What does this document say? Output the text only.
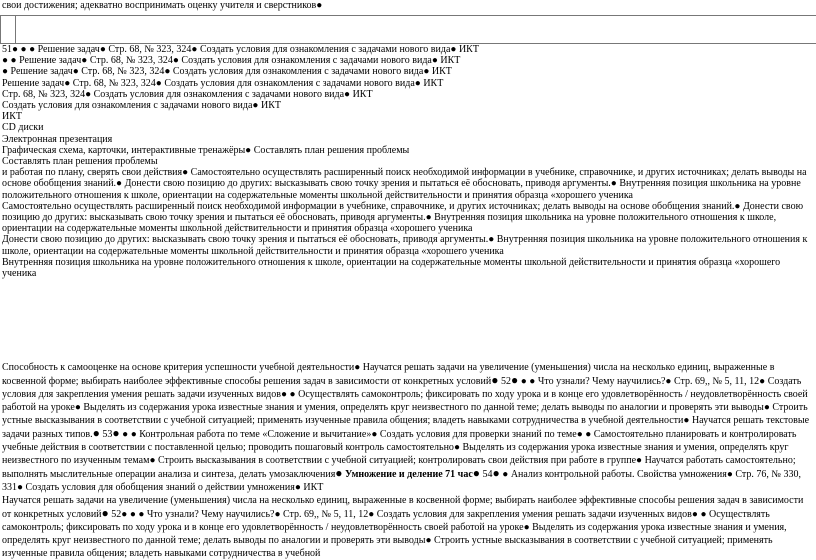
свои достижения; адекватно воспринимать оценку учителя и сверстников●
51● ● ● Решение задач● Стр. 68, № 323, 324● Создать условия для ознакомления с задачами нового вида● ИКТ
● ● Решение задач● Стр. 68, № 323, 324● Создать условия для ознакомления с задачами нового вида● ИКТ
● Решение задач● Стр. 68, № 323, 324● Создать условия для ознакомления с задачами нового вида● ИКТ
Решение задач● Стр. 68, № 323, 324● Создать условия для ознакомления с задачами нового вида● ИКТ
Стр. 68, № 323, 324● Создать условия для ознакомления с задачами нового вида● ИКТ
Создать условия для ознакомления с задачами нового вида● ИКТ
ИКТ
CD диски
Электронная презентация
Графическая схема, карточки, интерактивные тренажёры● Составлять план решения проблемы
Составлять план решения проблемы
и работая по плану, сверять свои действия● Самостоятельно осуществлять расширенный поиск необходимой информации в учебнике, справочнике, и других источниках; делать выводы на основе обобщения знаний.● Донести свою позицию до других: высказывать свою точку зрения и пытаться её обосновать, приводя аргументы.● Внутренняя позиция школьника на уровне положительного отношения к школе, ориентации на содержательные моменты школьной действительности и принятия образца «хорошего ученика
Самостоятельно осуществлять расширенный поиск необходимой информации в учебнике, справочнике, и других источниках; делать выводы на основе обобщения знаний.● Донести свою позицию до других: высказывать свою точку зрения и пытаться её обосновать, приводя аргументы.● Внутренняя позиция школьника на уровне положительного отношения к школе, ориентации на содержательные моменты школьной действительности и принятия образца «хорошего ученика
Донести свою позицию до других: высказывать свою точку зрения и пытаться её обосновать, приводя аргументы.● Внутренняя позиция школьника на уровне положительного отношения к школе, ориентации на содержательные моменты школьной действительности и принятия образца «хорошего ученика
Внутренняя позиция школьника на уровне положительного отношения к школе, ориентации на содержательные моменты школьной действительности и принятия образца «хорошего ученика
Способность к самооценке на основе критерия успешности учебной деятельности● Научатся решать задачи на увеличение (уменьшения) числа на несколько единиц, выраженные в косвенной форме; выбирать наиболее эффективные способы решения задач в зависимости от конкретных условий● 52● ● ● Что узнали? Чему научились?● Стр. 69,, № 5, 11, 12● Создать условия для закрепления умения решать задачи изученных видов● ● Осуществлять самоконтроль; фиксировать по ходу урока и в конце его удовлетворённость / неудовлетворённость своей работой на уроке● Выделять из содержания урока известные знания и умения, определять круг неизвестного по данной теме; делать выводы по аналогии и проверять эти выводы● Строить устные высказывания в соответствии с учебной ситуацией; применять изученные правила общения; владеть навыками сотрудничества в учебной деятельности● Научатся решать текстовые задачи разных типов.● 53● ● ● Контрольная работа по теме «Сложение и вычитание»● Создать условия для проверки знаний по теме● ● Самостоятельно планировать и контролировать учебные действия в соответствии с поставленной целью; проводить пошаговый контроль самостоятельно● Выделять из содержания урока известные знания и умения, определять круг неизвестного по изученным темам● Строить высказывания в соответствии с учебной ситуацией; контролировать свои действия при работе в группе● Научатся работать самостоятельно; выполнять мыслительные операции анализа и синтеза, делать умозаключения● Умножение и деление 71 час● 54● ● Анализ контрольной работы. Свойства умножения● Стр. 76, № 330, 331● Создать условия для обобщения знаний о действии умножения● ИКТ
Научатся решать задачи на увеличение (уменьшения) числа на несколько единиц, выраженные в косвенной форме; выбирать наиболее эффективные способы решения задач в зависимости от конкретных условий● 52● ● ● Что узнали? Чему научились?● Стр. 69,, № 5, 11, 12● Создать условия для закрепления умения решать задачи изученных видов● ● Осуществлять самоконтроль; фиксировать по ходу урока и в конце его удовлетворённость / неудовлетворённость своей работой на уроке● Выделять из содержания урока известные знания и умения, определять круг неизвестного по данной теме; делать выводы по аналогии и проверять эти выводы● Строить устные высказывания в соответствии с учебной ситуацией; применять изученные правила общения; владеть навыками сотрудничества в учебной
